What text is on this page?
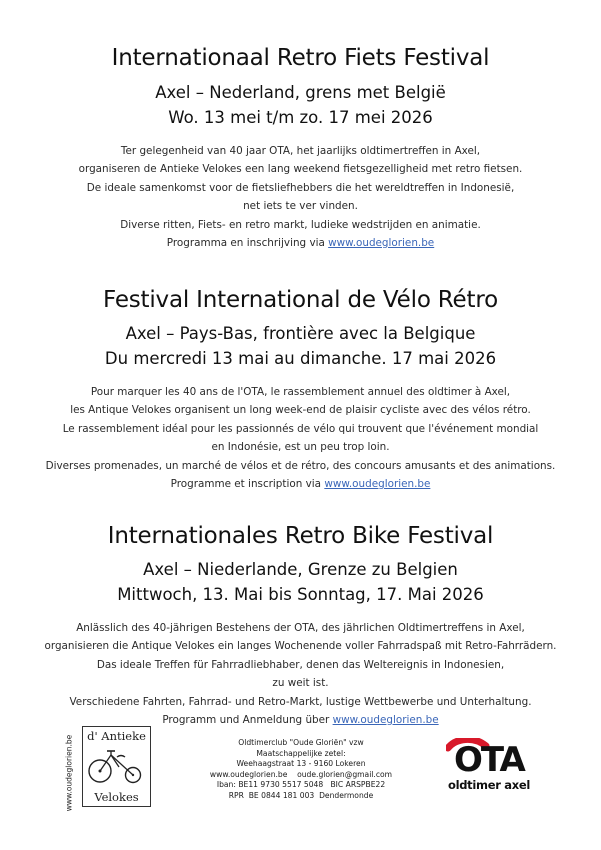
Internationaal Retro Fiets Festival
Axel – Nederland, grens met België
Wo. 13 mei t/m zo. 17 mei 2026
Ter gelegenheid van 40 jaar OTA, het jaarlijks oldtimertreffen in Axel,
organiseren de Antieke Velokes een lang weekend fietsgezelligheid met retro fietsen.
De ideale samenkomst voor de fietsliefhebbers die het wereldtreffen in Indonesië,
net iets te ver vinden.
Diverse ritten, Fiets- en retro markt, ludieke wedstrijden en animatie.
Programma en inschrijving via www.oudeglorien.be
Festival International de Vélo Rétro
Axel – Pays-Bas, frontière avec la Belgique
Du mercredi 13 mai au dimanche. 17 mai 2026
Pour marquer les 40 ans de l'OTA, le rassemblement annuel des oldtimer à Axel,
les Antique Velokes organisent un long week-end de plaisir cycliste avec des vélos rétro.
Le rassemblement idéal pour les passionnés de vélo qui trouvent que l'événement mondial
en Indonésie, est un peu trop loin.
Diverses promenades, un marché de vélos et de rétro, des concours amusants et des animations.
Programme et inscription via www.oudeglorien.be
Internationales Retro Bike Festival
Axel – Niederlande, Grenze zu Belgien
Mittwoch, 13. Mai bis Sonntag, 17. Mai 2026
Anlässlich des 40-jährigen Bestehens der OTA, des jährlichen Oldtimertreffens in Axel,
organisieren die Antique Velokes ein langes Wochenende voller Fahrradspaß mit Retro-Fahrrädern.
Das ideale Treffen für Fahrradliebhaber, denen das Weltereignis in Indonesien,
zu weit ist.
Verschiedene Fahrten, Fahrrad- und Retro-Markt, lustige Wettbewerbe und Unterhaltung.
Programm und Anmeldung über www.oudeglorien.be
www.oudeglorien.be	d' Antieke
Velokes
Oldtimerclub "Oude Gloriën" vzw
Maatschappelijke zetel:
Weehaagstraat 13 - 9160 Lokeren
www.oudeglorien.be    oude.glorien@gmail.com
Iban: BE11 9730 5517 5048   BIC ARSPBE22
RPR  BE 0844 181 003  Dendermonde
OTA
oldtimer axel
